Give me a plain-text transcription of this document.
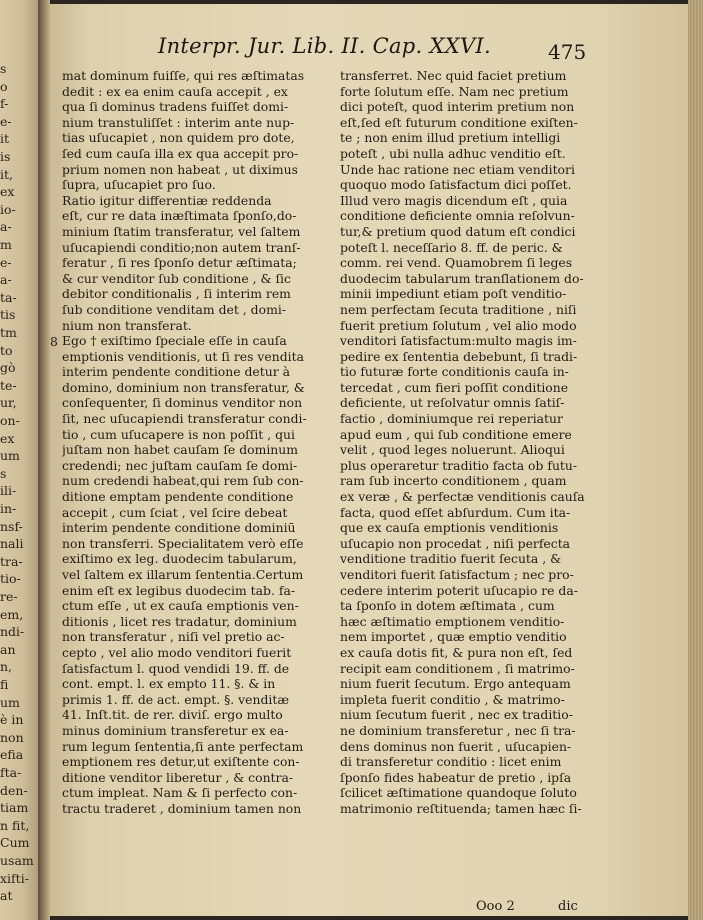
s
o
f-
e-
it
is
it,
ex
io-
a-
m
e-
a-
ta-
tis
tm
to
gò
te-
ur,
on-
ex
um
s
ili-
in-
nsf-
nali
tra-
tio-
re-
em,
ndi-
an
n,
fi
um
è in
non
efia
fta-
den-
tiam
n fit,
Cum
usam
xifti-
at
Interpr. Jur. Lib. II. Cap. XXVI.	475
8
mat dominum fuiſſe, qui res æſtimatas
dedit : ex ea enim cauſa accepit , ex
qua ſi dominus tradens fuiſſet domi-
nium transtuliſſet : interim ante nup-
tias uſucapiet , non quidem pro dote,
ſed cum cauſa illa ex qua accepit pro-
prium nomen non habeat , ut diximus
ſupra, uſucapiet pro ſuo.
Ratio igitur differentiæ reddenda
eſt, cur re data inæſtimata ſponſo,do-
minium ſtatim transferatur, vel ſaltem
uſucapiendi conditio;non autem tranſ-
feratur , ſi res ſponſo detur æſtimata;
& cur venditor ſub conditione , & ſic
debitor conditionalis , ſi interim rem
ſub conditione venditam det , domi-
nium non transferat.
Ego † exiſtimo ſpeciale eſſe in cauſa
emptionis venditionis, ut ſi res vendita
interim pendente conditione detur à
domino, dominium non transferatur, &
conſequenter, ſi dominus venditor non
ſit, nec uſucapiendi transferatur condi-
tio , cum uſucapere is non poſſit , qui
juſtam non habet cauſam ſe dominum
credendi; nec juſtam cauſam ſe domi-
num credendi habeat,qui rem ſub con-
ditione emptam pendente conditione
accepit , cum ſciat , vel ſcire debeat
interim pendente conditione dominiū
non transferri. Specialitatem verò eſſe
exiſtimo ex leg. duodecim tabularum,
vel ſaltem ex illarum ſententia.Certum
enim eſt ex legibus duodecim tab. fa-
ctum eſſe , ut ex cauſa emptionis ven-
ditionis , licet res tradatur, dominium
non transferatur , niſi vel pretio ac-
cepto , vel alio modo venditori fuerit
ſatisfactum l. quod vendidi 19. ff. de
cont. empt. l. ex empto 11. §. & in
primis 1. ff. de act. empt. §. venditæ
41. Inſt.tit. de rer. diviſ. ergo multo
minus dominium transferetur ex ea-
rum legum ſententia,ſi ante perfectam
emptionem res detur,ut exiſtente con-
ditione venditor liberetur , & contra-
ctum impleat. Nam & ſi perfecto con-
tractu traderet , dominium tamen non
transferret. Nec quid faciet pretium
forte ſolutum eſſe. Nam nec pretium
dici poteſt, quod interim pretium non
eſt,ſed eſt futurum conditione exiſten-
te ; non enim illud pretium intelligi
poteſt , ubi nulla adhuc venditio eſt.
Unde hac ratione nec etiam venditori
quoquo modo ſatisfactum dici poſſet.
Illud vero magis dicendum eſt , quia
conditione deficiente omnia reſolvun-
tur,& pretium quod datum eſt condici
poteſt l. neceſſario 8. ff. de peric. &
comm. rei vend. Quamobrem ſi leges
duodecim tabularum tranſlationem do-
minii impediunt etiam poſt venditio-
nem perfectam ſecuta traditione , niſi
fuerit pretium ſolutum , vel alio modo
venditori ſatisfactum:multo magis im-
pedire ex ſententia debebunt, ſi tradi-
tio futuræ forte conditionis cauſa in-
tercedat , cum fieri poſſit conditione
deficiente, ut reſolvatur omnis ſatiſ-
factio , dominiumque rei reperiatur
apud eum , qui ſub conditione emere
velit , quod leges noluerunt. Alioqui
plus operaretur traditio facta ob futu-
ram ſub incerto conditionem , quam
ex veræ , & perfectæ venditionis cauſa
facta, quod eſſet abſurdum. Cum ita-
que ex cauſa emptionis venditionis
uſucapio non procedat , niſi perfecta
venditione traditio fuerit ſecuta , &
venditori fuerit ſatisfactum ; nec pro-
cedere interim poterit uſucapio re da-
ta ſponſo in dotem æſtimata , cum
hæc æſtimatio emptionem venditio-
nem importet , quæ emptio venditio
ex cauſa dotis fit, & pura non eſt, ſed
recipit eam conditionem , ſi matrimo-
nium fuerit ſecutum. Ergo antequam
impleta fuerit conditio , & matrimo-
nium ſecutum fuerit , nec ex traditio-
ne dominium transferetur , nec ſi tra-
dens dominus non fuerit , uſucapien-
di transferetur conditio : licet enim
ſponſo fides habeatur de pretio , ipſa
ſcilicet æſtimatione quandoque ſoluto
matrimonio reſtituenda; tamen hæc ſi-
Ooo 2	dic
